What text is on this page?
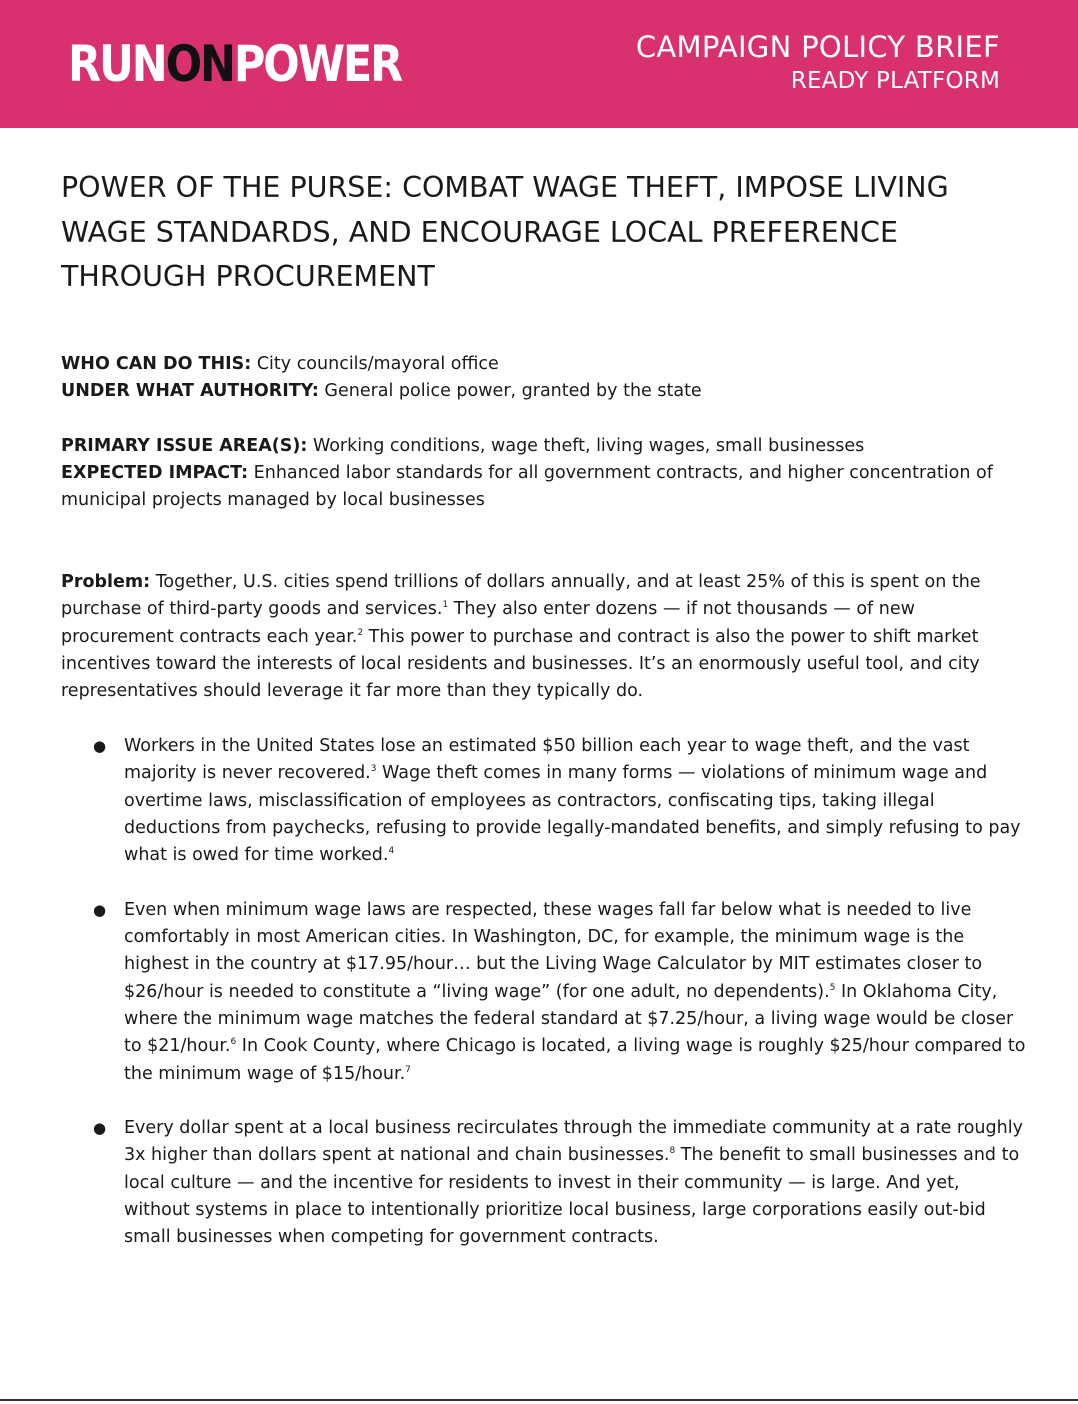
RUNONPOWER	CAMPAIGN POLICY BRIEF
READY PLATFORM
POWER OF THE PURSE: COMBAT WAGE THEFT, IMPOSE LIVING WAGE STANDARDS, AND ENCOURAGE LOCAL PREFERENCE THROUGH PROCUREMENT

WHO CAN DO THIS: City councils/mayoral office

UNDER WHAT AUTHORITY: General police power, granted by the state

PRIMARY ISSUE AREA(S): Working conditions, wage theft, living wages, small businesses

EXPECTED IMPACT: Enhanced labor standards for all government contracts, and higher concentration of municipal projects managed by local businesses

Problem: Together, U.S. cities spend trillions of dollars annually, and at least 25% of this is spent on the purchase of third-party goods and services.$^1$ They also enter dozens — if not thousands — of new procurement contracts each year.$^2$ This power to purchase and contract is also the power to shift market incentives toward the interests of local residents and businesses. It’s an enormously useful tool, and city representatives should leverage it far more than they typically do.

● Workers in the United States lose an estimated $50 billion each year to wage theft, and the vast majority is never recovered.$^3$ Wage theft comes in many forms — violations of minimum wage and overtime laws, misclassification of employees as contractors, confiscating tips, taking illegal deductions from paychecks, refusing to provide legally-mandated benefits, and simply refusing to pay what is owed for time worked.$^4$
● Even when minimum wage laws are respected, these wages fall far below what is needed to live comfortably in most American cities. In Washington, DC, for example, the minimum wage is the highest in the country at $17.95/hour… but the Living Wage Calculator by MIT estimates closer to $26/hour is needed to constitute a “living wage” (for one adult, no dependents).$^5$ In Oklahoma City, where the minimum wage matches the federal standard at $7.25/hour, a living wage would be closer to $21/hour.$^6$ In Cook County, where Chicago is located, a living wage is roughly $25/hour compared to the minimum wage of $15/hour.$^7$
● Every dollar spent at a local business recirculates through the immediate community at a rate roughly 3x higher than dollars spent at national and chain businesses.$^8$ The benefit to small businesses and to local culture — and the incentive for residents to invest in their community — is large. And yet, without systems in place to intentionally prioritize local business, large corporations easily out-bid small businesses when competing for government contracts.
